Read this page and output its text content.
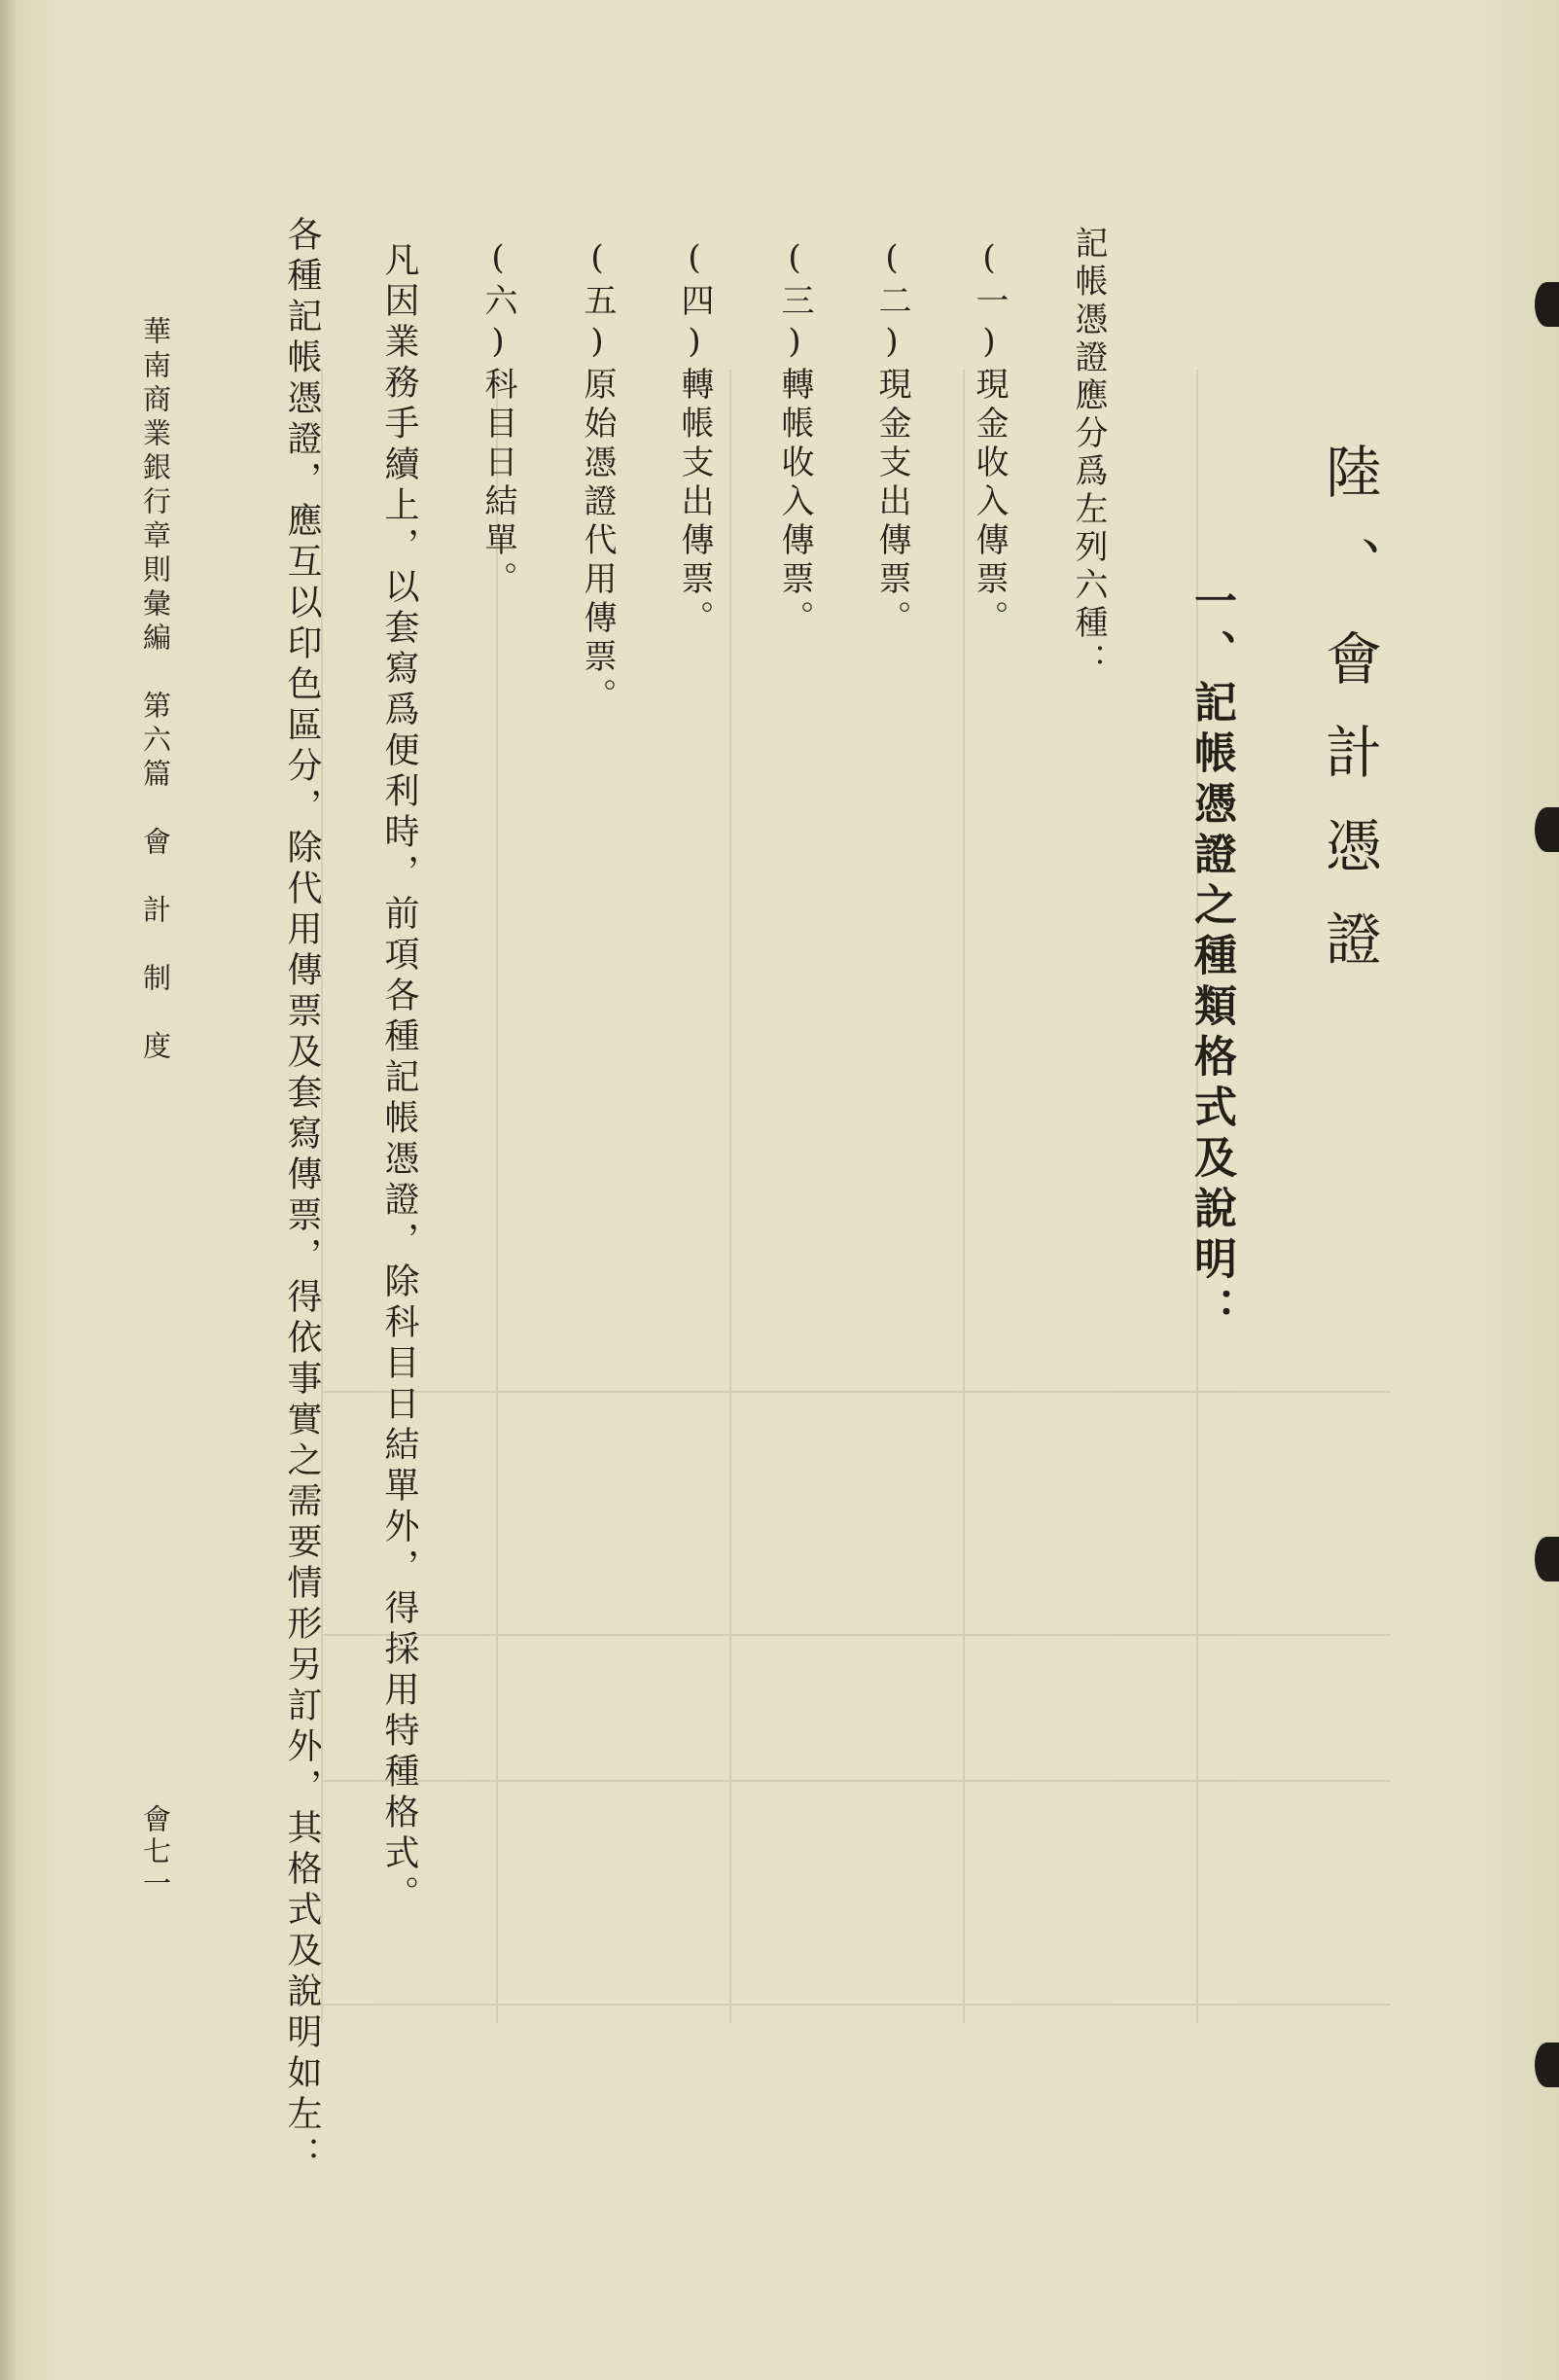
陸、會計憑證
一、記帳憑證之種類格式及說明：
記帳憑證應分爲左列六種：
(一)現金收入傳票。
(二)現金支出傳票。
(三)轉帳收入傳票。
(四)轉帳支出傳票。
(五)原始憑證代用傳票。
(六)科目日結單。
凡因業務手續上，以套寫爲便利時，前項各種記帳憑證，除科目日結單外，得採用特種格式。
各種記帳憑證，應互以印色區分，除代用傳票及套寫傳票，得依事實之需要情形另訂外，其格式及說明如左：
華南商業銀行章則彙編　第六篇　會　計　制　度
會七一
